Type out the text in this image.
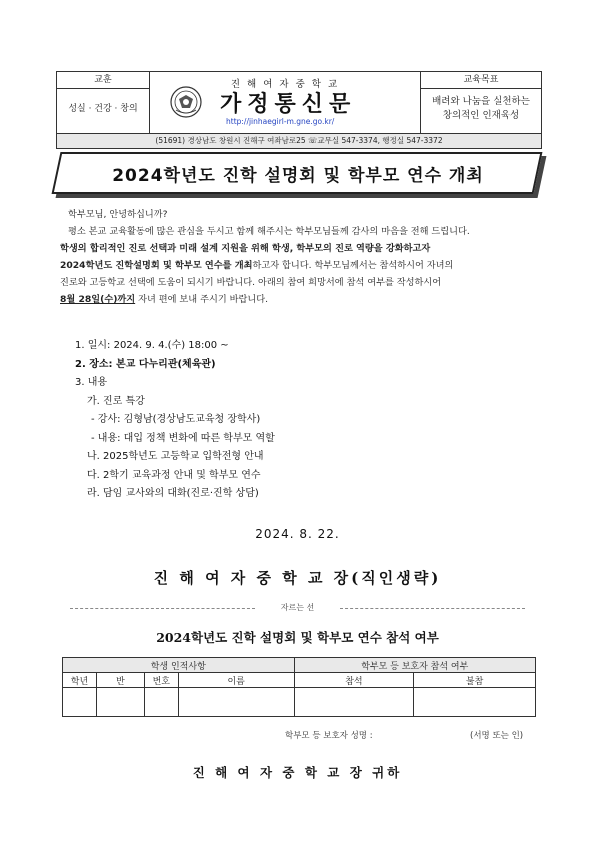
교훈
성실 · 건강 · 창의
진 해 여 자 중 학 교
가정통신문
http://jinhaegirl-m.gne.go.kr/
교육목표
배려와 나눔을 실천하는
창의적인 인재육성
(51691) 경상남도 창원시 진해구 여좌남로25 ☏교무실 547-3374, 행정실 547-3372
2024학년도 진학 설명회 및 학부모 연수 개최

학부모님, 안녕하십니까?

평소 본교 교육활동에 많은 관심을 두시고 함께 해주시는 학부모님들께 감사의 마음을 전해 드립니다.

학생의 합리적인 진로 선택과 미래 설계 지원을 위해 학생, 학부모의 진로 역량을 강화하고자
2024학년도 진학설명회 및 학부모 연수를 개최하고자 합니다. 학부모님께서는 참석하시어 자녀의
진로와 고등학교 선택에 도움이 되시기 바랍니다. 아래의 참여 희망서에 참석 여부를 작성하시어
8월 28일(수)까지 자녀 편에 보내 주시기 바랍니다.

1. 일시: 2024. 9. 4.(수) 18:00 ~
2. 장소: 본교 다누리관(체육관)
3. 내용
가. 진로 특강
- 강사: 김형남(경상남도교육청 장학사)
- 내용: 대입 정책 변화에 따른 학부모 역할
나. 2025학년도 고등학교 입학전형 안내
다. 2학기 교육과정 안내 및 학부모 연수
라. 담임 교사와의 대화(진로·진학 상담)
2024. 8. 22.
진 해 여 자 중 학 교 장(직인생략)
자르는 선
2024학년도 진학 설명회 및 학부모 연수 참석 여부
학생 인적사항				학부모 등 보호자 참석 여부	
학년	반	번호	이름	참석	불참

학부모 등 보호자 성명 :	(서명 또는 인)
진 해 여 자 중 학 교 장 귀하
